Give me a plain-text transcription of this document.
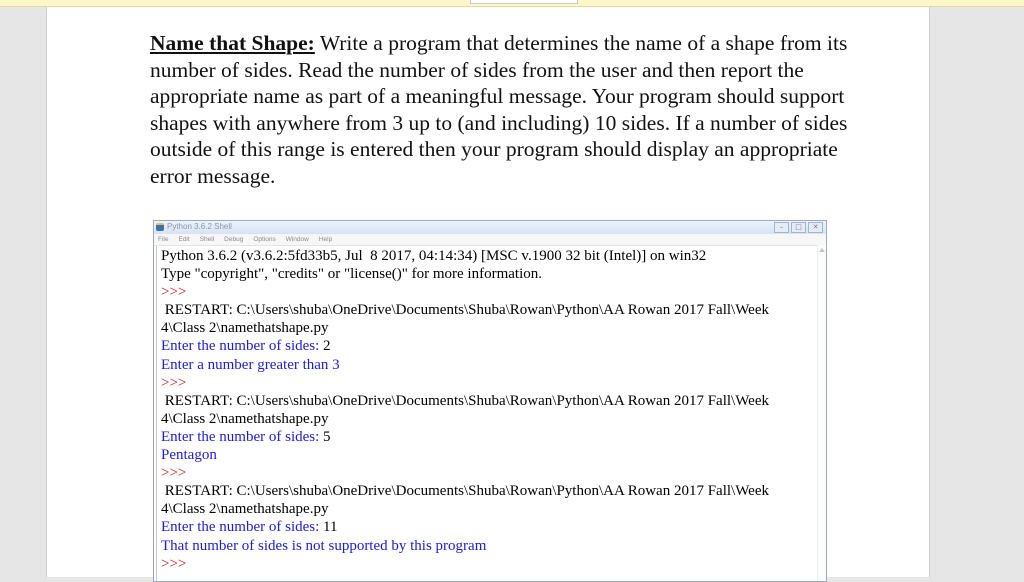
Name that Shape: Write a program that determines the name of a shape from its number of sides. Read the number of sides from the user and then report the appropriate name as part of a meaningful message. Your program should support shapes with anywhere from 3 up to (and including) 10 sides. If a number of sides outside of this range is entered then your program should display an appropriate error message.

Python 3.6.2 Shell	–	□	✕
File Edit Shell Debug Options Window Help
Python 3.6.2 (v3.6.2:5fd33b5, Jul  8 2017, 04:14:34) [MSC v.1900 32 bit (Intel)] on win32
Type "copyright", "credits" or "license()" for more information.
>>>
RESTART: C:\Users\shuba\OneDrive\Documents\Shuba\Rowan\Python\AA Rowan 2017 Fall\Week
4\Class 2\namethatshape.py
Enter the number of sides: 2
Enter a number greater than 3
>>>
RESTART: C:\Users\shuba\OneDrive\Documents\Shuba\Rowan\Python\AA Rowan 2017 Fall\Week
4\Class 2\namethatshape.py
Enter the number of sides: 5
Pentagon
>>>
RESTART: C:\Users\shuba\OneDrive\Documents\Shuba\Rowan\Python\AA Rowan 2017 Fall\Week
4\Class 2\namethatshape.py
Enter the number of sides: 11
That number of sides is not supported by this program
>>>
